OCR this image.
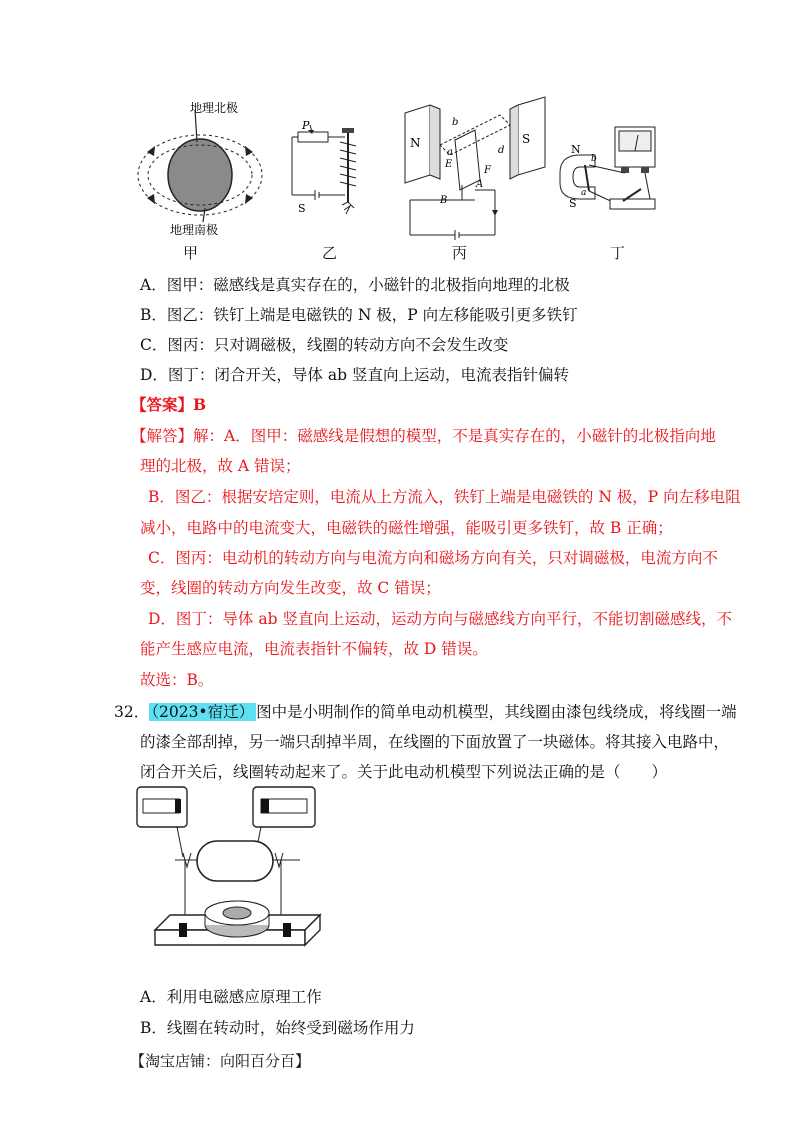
地理北极
地理南极
P
S
N	S
b
a
E
d
F
A
B
N
S
b
a
甲	乙	丙	丁
A．图甲：磁感线是真实存在的，小磁针的北极指向地理的北极
B．图乙：铁钉上端是电磁铁的 N 极，P 向左移能吸引更多铁钉
C．图丙：只对调磁极，线圈的转动方向不会发生改变
D．图丁：闭合开关，导体 ab 竖直向上运动，电流表指针偏转
【答案】B
【解答】解：A．图甲：磁感线是假想的模型，不是真实存在的，小磁针的北极指向地
理的北极，故 A 错误；
B．图乙：根据安培定则，电流从上方流入，铁钉上端是电磁铁的 N 极，P 向左移电阻
减小，电路中的电流变大，电磁铁的磁性增强，能吸引更多铁钉，故 B 正确；
C．图丙：电动机的转动方向与电流方向和磁场方向有关，只对调磁极，电流方向不
变，线圈的转动方向发生改变，故 C 错误；
D．图丁：导体 ab 竖直向上运动，运动方向与磁感线方向平行，不能切割磁感线，不
能产生感应电流，电流表指针不偏转，故 D 错误。
故选：B。
32． （2023•宿迁） 图中是小明制作的简单电动机模型，其线圈由漆包线绕成，将线圈一端
的漆全部刮掉，另一端只刮掉半周，在线圈的下面放置了一块磁体。将其接入电路中，
闭合开关后，线圈转动起来了。关于此电动机模型下列说法正确的是（　　）
A．利用电磁感应原理工作
B．线圈在转动时，始终受到磁场作用力
【淘宝店铺：向阳百分百】
